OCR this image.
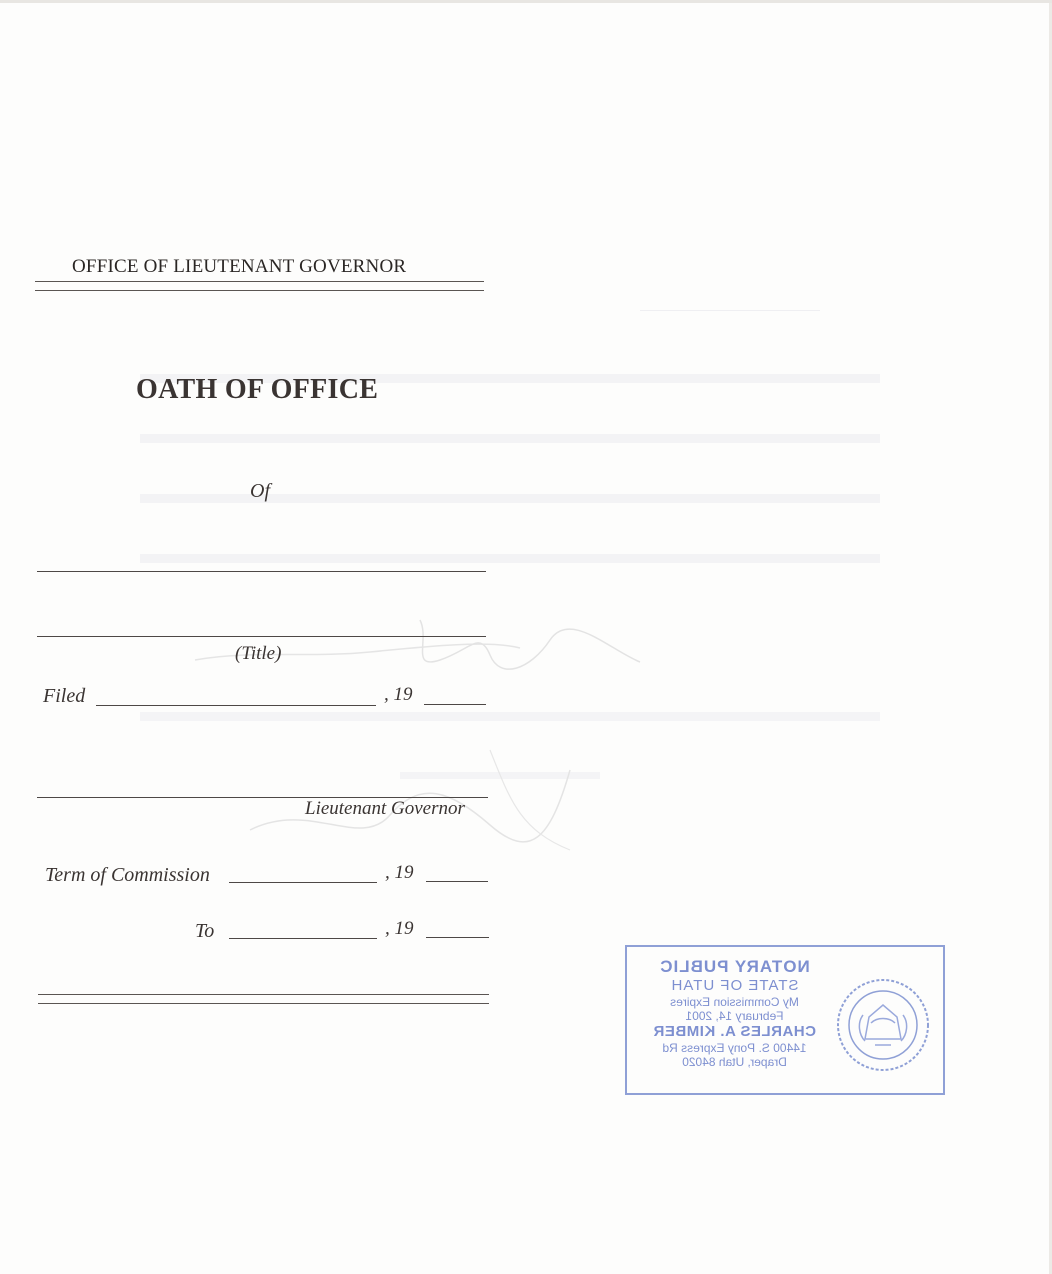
OFFICE OF LIEUTENANT GOVERNOR
OATH OF OFFICE
Of
(Title)
Filed	, 19
Lieutenant Governor
Term of Commission	, 19
To	, 19
NOTARY PUBLIC
STATE OF UTAH
My Commission Expires
February 14, 2001
CHARLES A. KIMBER
14400 S. Pony Express Rd
Draper, Utah 84020
